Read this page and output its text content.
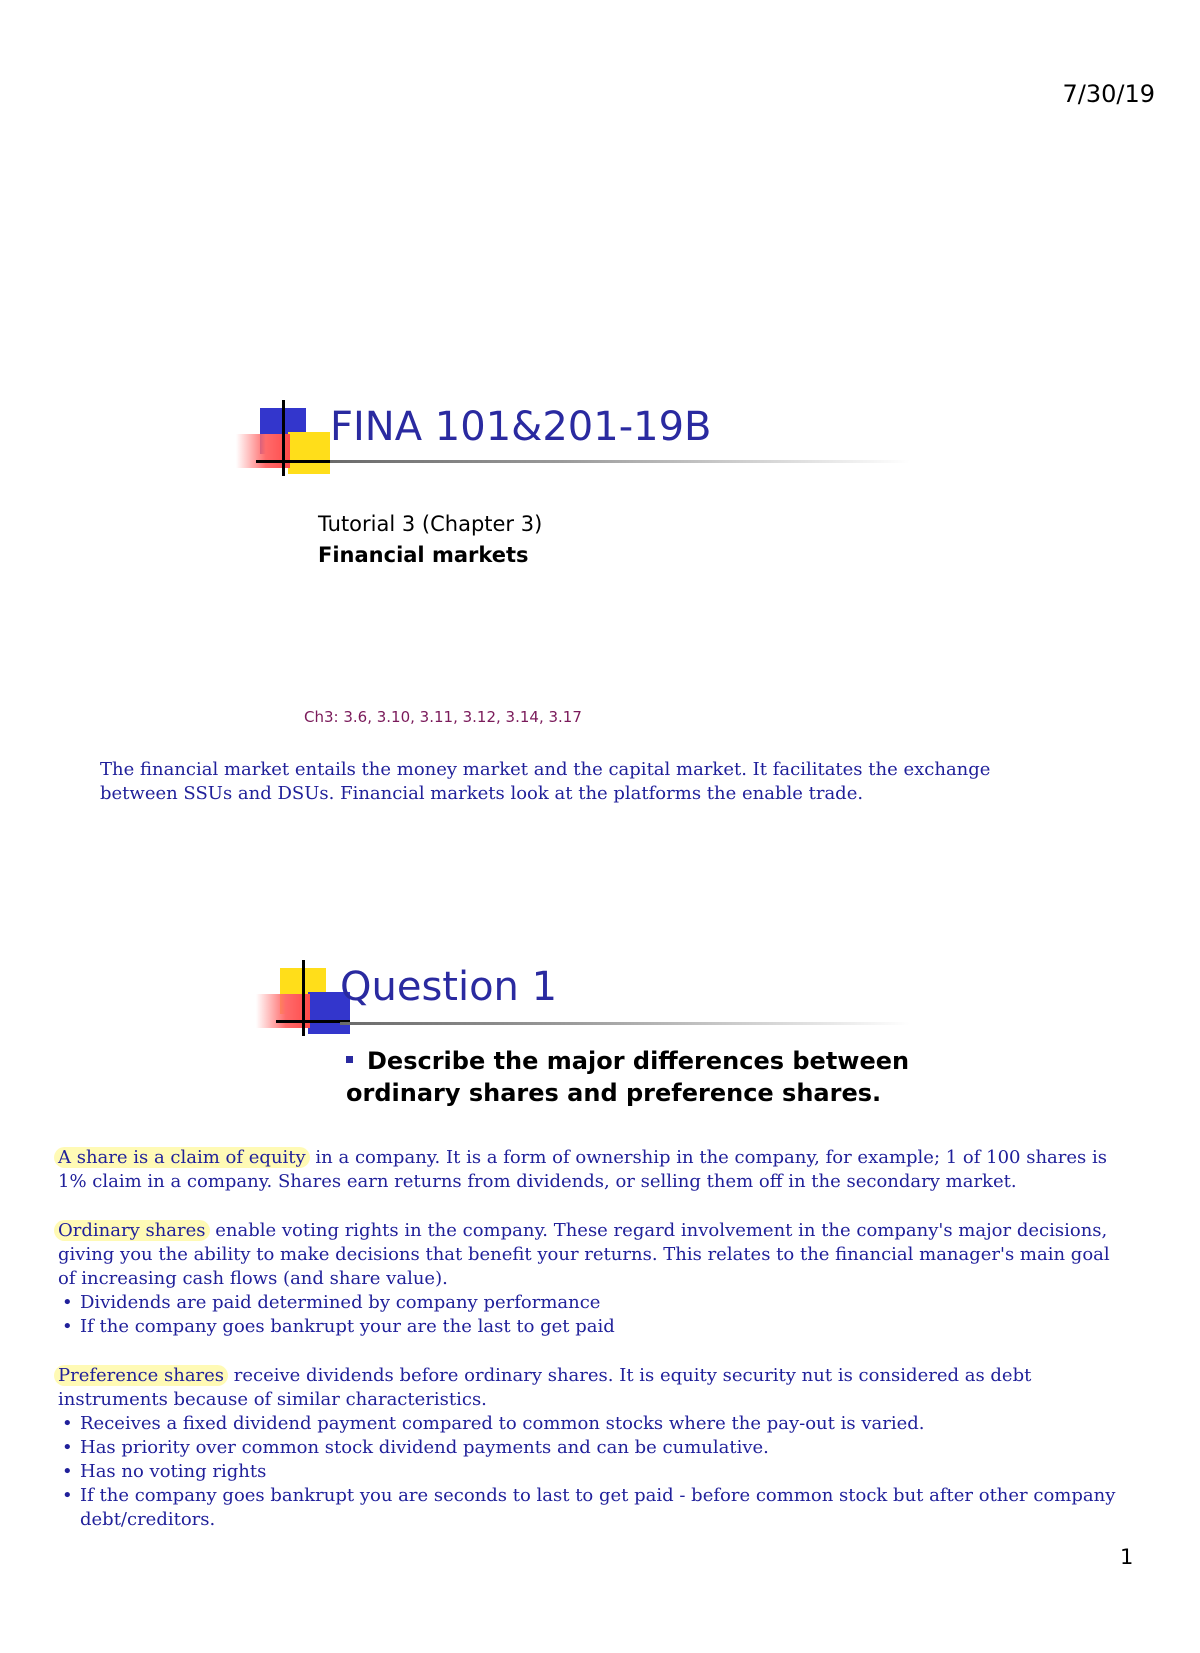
7/30/19
FINA 101&201-19B
Tutorial 3 (Chapter 3)
Financial markets
Ch3: 3.6, 3.10, 3.11, 3.12, 3.14, 3.17
The financial market entails the money market and the capital market. It facilitates the exchange between SSUs and DSUs. Financial markets look at the platforms the enable trade.
Question 1
Describe the major differences between ordinary shares and preference shares.
A share is a claim of equity in a company. It is a form of ownership in the company, for example; 1 of 100 shares is 1% claim in a company. Shares earn returns from dividends, or selling them off in the secondary market.
Ordinary shares enable voting rights in the company. These regard involvement in the company's major decisions, giving you the ability to make decisions that benefit your returns. This relates to the financial manager's main goal of increasing cash flows (and share value).
• Dividends are paid determined by company performance
• If the company goes bankrupt your are the last to get paid
Preference shares receive dividends before ordinary shares. It is equity security nut is considered as debt instruments because of similar characteristics.
• Receives a fixed dividend payment compared to common stocks where the pay-out is varied.
• Has priority over common stock dividend payments and can be cumulative.
• Has no voting rights
• If the company goes bankrupt you are seconds to last to get paid - before common stock but after other company debt/creditors.
1
